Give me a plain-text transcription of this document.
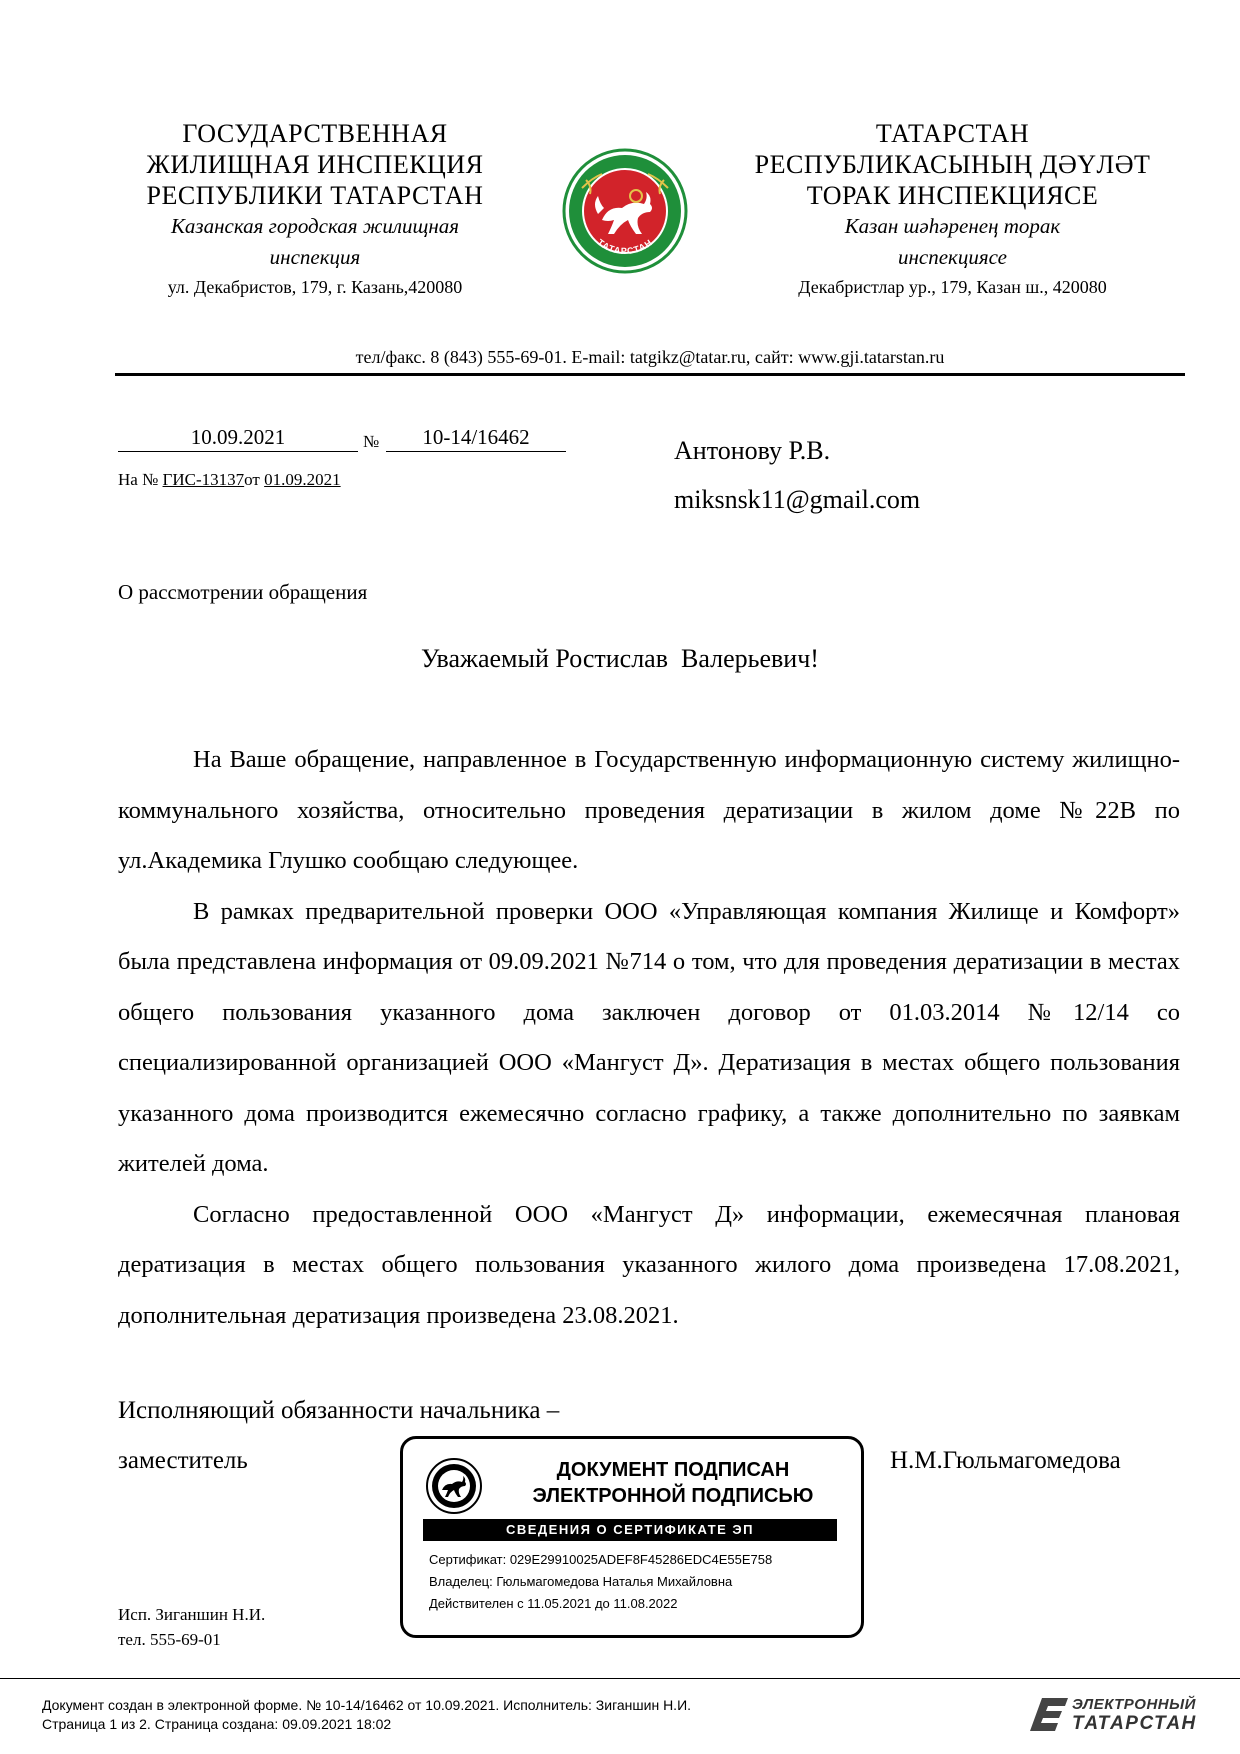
ГОСУДАРСТВЕННАЯ
ЖИЛИЩНАЯ ИНСПЕКЦИЯ
РЕСПУБЛИКИ ТАТАРСТАН
Казанская городская жилищная
инспекция
ул. Декабристов, 179, г. Казань,420080
ТАТАРСТАН
ТАТАРСТАН
РЕСПУБЛИКАСЫНЫҢ ДӘҮЛӘТ
ТОРАК ИНСПЕКЦИЯСЕ
Казан шәһәренең торак
инспекциясе
Декабристлар ур., 179, Казан ш., 420080
тел/факс. 8 (843) 555-69-01. E-mail: tatgikz@tatar.ru, сайт: www.gji.tatarstan.ru
10.09.2021	№	10-14/16462
На № ГИС-13137от 01.09.2021
Антонову Р.В.
miksnsk11@gmail.com
О рассмотрении обращения
Уважаемый Ростислав  Валерьевич!

На Ваше обращение, направленное в Государственную информационную систему жилищно-коммунального хозяйства, относительно проведения дератизации в жилом доме №22В по ул.Академика Глушко сообщаю следующее.

В рамках предварительной проверки ООО «Управляющая компания Жилище и Комфорт» была представлена информация от 09.09.2021 №714 о том, что для проведения дератизации в местах общего пользования указанного дома заключен договор от 01.03.2014 №12/14 со специализированной организацией ООО «Мангуст Д». Дератизация в местах общего пользования указанного дома производится ежемесячно согласно графику, а также дополнительно по заявкам жителей дома.

Согласно предоставленной ООО «Мангуст Д» информации, ежемесячная плановая дератизация в местах общего пользования указанного жилого дома произведена 17.08.2021, дополнительная дератизация произведена 23.08.2021.

Исполняющий обязанности начальника –
заместитель	Н.М.Гюльмагомедова
ДОКУМЕНТ ПОДПИСАН
ЭЛЕКТРОННОЙ ПОДПИСЬЮ
СВЕДЕНИЯ О СЕРТИФИКАТЕ ЭП
Сертификат: 029E29910025ADEF8F45286EDC4E55E758
Владелец: Гюльмагомедова Наталья Михайловна
Действителен с 11.05.2021 до 11.08.2022
Исп. Зиганшин Н.И.
тел. 555-69-01
Документ создан в электронной форме. № 10-14/16462 от 10.09.2021. Исполнитель: Зиганшин Н.И.
Страница 1 из 2. Страница создана: 09.09.2021 18:02
ЭЛЕКТРОННЫЙ
ТАТАРСТАН
